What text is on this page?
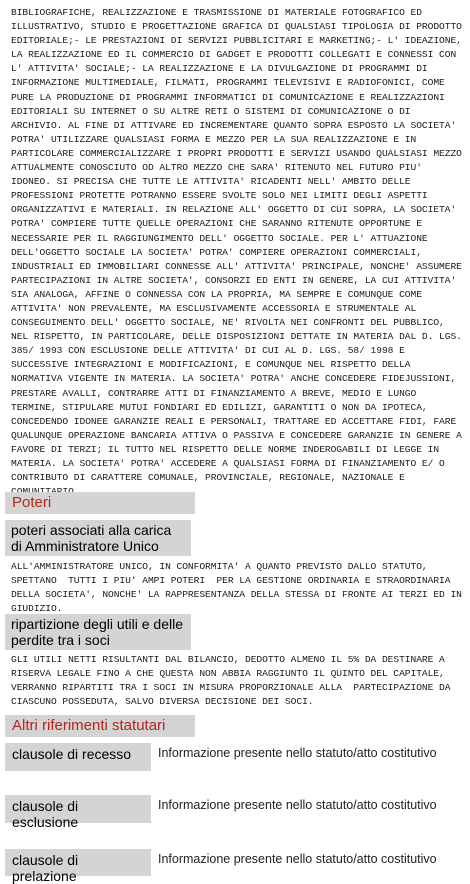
BIBLIOGRAFICHE, REALIZZAZIONE E TRASMISSIONE DI MATERIALE FOTOGRAFICO ED ILLUSTRATIVO, STUDIO E PROGETTAZIONE GRAFICA DI QUALSIASI TIPOLOGIA DI PRODOTTO EDITORIALE;- LE PRESTAZIONI DI SERVIZI PUBBLICITARI E MARKETING;- L' IDEAZIONE, LA REALIZZAZIONE ED IL COMMERCIO DI GADGET E PRODOTTI COLLEGATI E CONNESSI CON L' ATTIVITA' SOCIALE;- LA REALIZZAZIONE E LA DIVULGAZIONE DI PROGRAMMI DI INFORMAZIONE MULTIMEDIALE, FILMATI, PROGRAMMI TELEVISIVI E RADIOFONICI, COME PURE LA PRODUZIONE DI PROGRAMMI INFORMATICI DI COMUNICAZIONE E REALIZZAZIONI EDITORIALI SU INTERNET O SU ALTRE RETI O SISTEMI DI COMUNICAZIONE O DI ARCHIVIO. AL FINE DI ATTIVARE ED INCREMENTARE QUANTO SOPRA ESPOSTO LA SOCIETA' POTRA' UTILIZZARE QUALSIASI FORMA E MEZZO PER LA SUA REALIZZAZIONE E IN PARTICOLARE COMMERCIALIZZARE I PROPRI PRODOTTI E SERVIZI USANDO QUALSIASI MEZZO ATTUALMENTE CONOSCIUTO OD ALTRO MEZZO CHE SARA' RITENUTO NEL FUTURO PIU' IDONEO. SI PRECISA CHE TUTTE LE ATTIVITA' RICADENTI NELL' AMBITO DELLE PROFESSIONI PROTETTE POTRANNO ESSERE SVOLTE SOLO NEI LIMITI DEGLI ASPETTI ORGANIZZATIVI E MATERIALI. IN RELAZIONE ALL' OGGETTO DI CUI SOPRA, LA SOCIETA' POTRA' COMPIERE TUTTE QUELLE OPERAZIONI CHE SARANNO RITENUTE OPPORTUNE E NECESSARIE PER IL RAGGIUNGIMENTO DELL' OGGETTO SOCIALE. PER L' ATTUAZIONE DELL'OGGETTO SOCIALE LA SOCIETA' POTRA' COMPIERE OPERAZIONI COMMERCIALI, INDUSTRIALI ED IMMOBILIARI CONNESSE ALL' ATTIVITA' PRINCIPALE, NONCHE' ASSUMERE PARTECIPAZIONI IN ALTRE SOCIETA', CONSORZI ED ENTI IN GENERE, LA CUI ATTIVITA' SIA ANALOGA, AFFINE O CONNESSA CON LA PROPRIA, MA SEMPRE E COMUNQUE COME ATTIVITA' NON PREVALENTE, MA ESCLUSIVAMENTE ACCESSORIA E STRUMENTALE AL CONSEGUIMENTO DELL' OGGETTO SOCIALE, NE' RIVOLTA NEI CONFRONTI DEL PUBBLICO, NEL RISPETTO, IN PARTICOLARE, DELLE DISPOSIZIONI DETTATE IN MATERIA DAL D. LGS. 385/ 1993 CON ESCLUSIONE DELLE ATTIVITA' DI CUI AL D. LGS. 58/ 1998 E SUCCESSIVE INTEGRAZIONI E MODIFICAZIONI, E COMUNQUE NEL RISPETTO DELLA NORMATIVA VIGENTE IN MATERIA. LA SOCIETA' POTRA' ANCHE CONCEDERE FIDEJUSSIONI, PRESTARE AVALLI, CONTRARRE ATTI DI FINANZIAMENTO A BREVE, MEDIO E LUNGO TERMINE, STIPULARE MUTUI FONDIARI ED EDILIZI, GARANTITI O NON DA IPOTECA, CONCEDENDO IDONEE GARANZIE REALI E PERSONALI, TRATTARE ED ACCETTARE FIDI, FARE QUALUNQUE OPERAZIONE BANCARIA ATTIVA O PASSIVA E CONCEDERE GARANZIE IN GENERE A FAVORE DI TERZI; IL TUTTO NEL RISPETTO DELLE NORME INDEROGABILI DI LEGGE IN MATERIA. LA SOCIETA' POTRA' ACCEDERE A QUALSIASI FORMA DI FINANZIAMENTO E/ O CONTRIBUTO DI CARATTERE COMUNALE, PROVINCIALE, REGIONALE, NAZIONALE E

Poteri
poteri associati alla carica di Amministratore Unico

ALL'AMMINISTRATORE UNICO, IN CONFORMITA' A QUANTO PREVISTO DALLO STATUTO, SPETTANO  TUTTI I PIU' AMPI POTERI  PER LA GESTIONE ORDINARIA E STRAORDINARIA DELLA SOCIETA', NONCHE' LA RAPPRESENTANZA DELLA STESSA DI FRONTE AI TERZI ED IN GIUDIZIO.

ripartizione degli utili e delle perdite tra i soci

GLI UTILI NETTI RISULTANTI DAL BILANCIO, DEDOTTO ALMENO IL 5% DA DESTINARE A RISERVA LEGALE FINO A CHE QUESTA NON ABBIA RAGGIUNTO IL QUINTO DEL CAPITALE, VERRANNO RIPARTITI TRA I SOCI IN MISURA PROPORZIONALE ALLA  PARTECIPAZIONE DA CIASCUNO POSSEDUTA, SALVO DIVERSA DECISIONE DEI SOCI.

Altri riferimenti statutari
clausole di recesso	Informazione presente nello statuto/atto costitutivo
clausole di esclusione
Informazione presente nello statuto/atto costitutivo
clausole di prelazione
Informazione presente nello statuto/atto costitutivo
